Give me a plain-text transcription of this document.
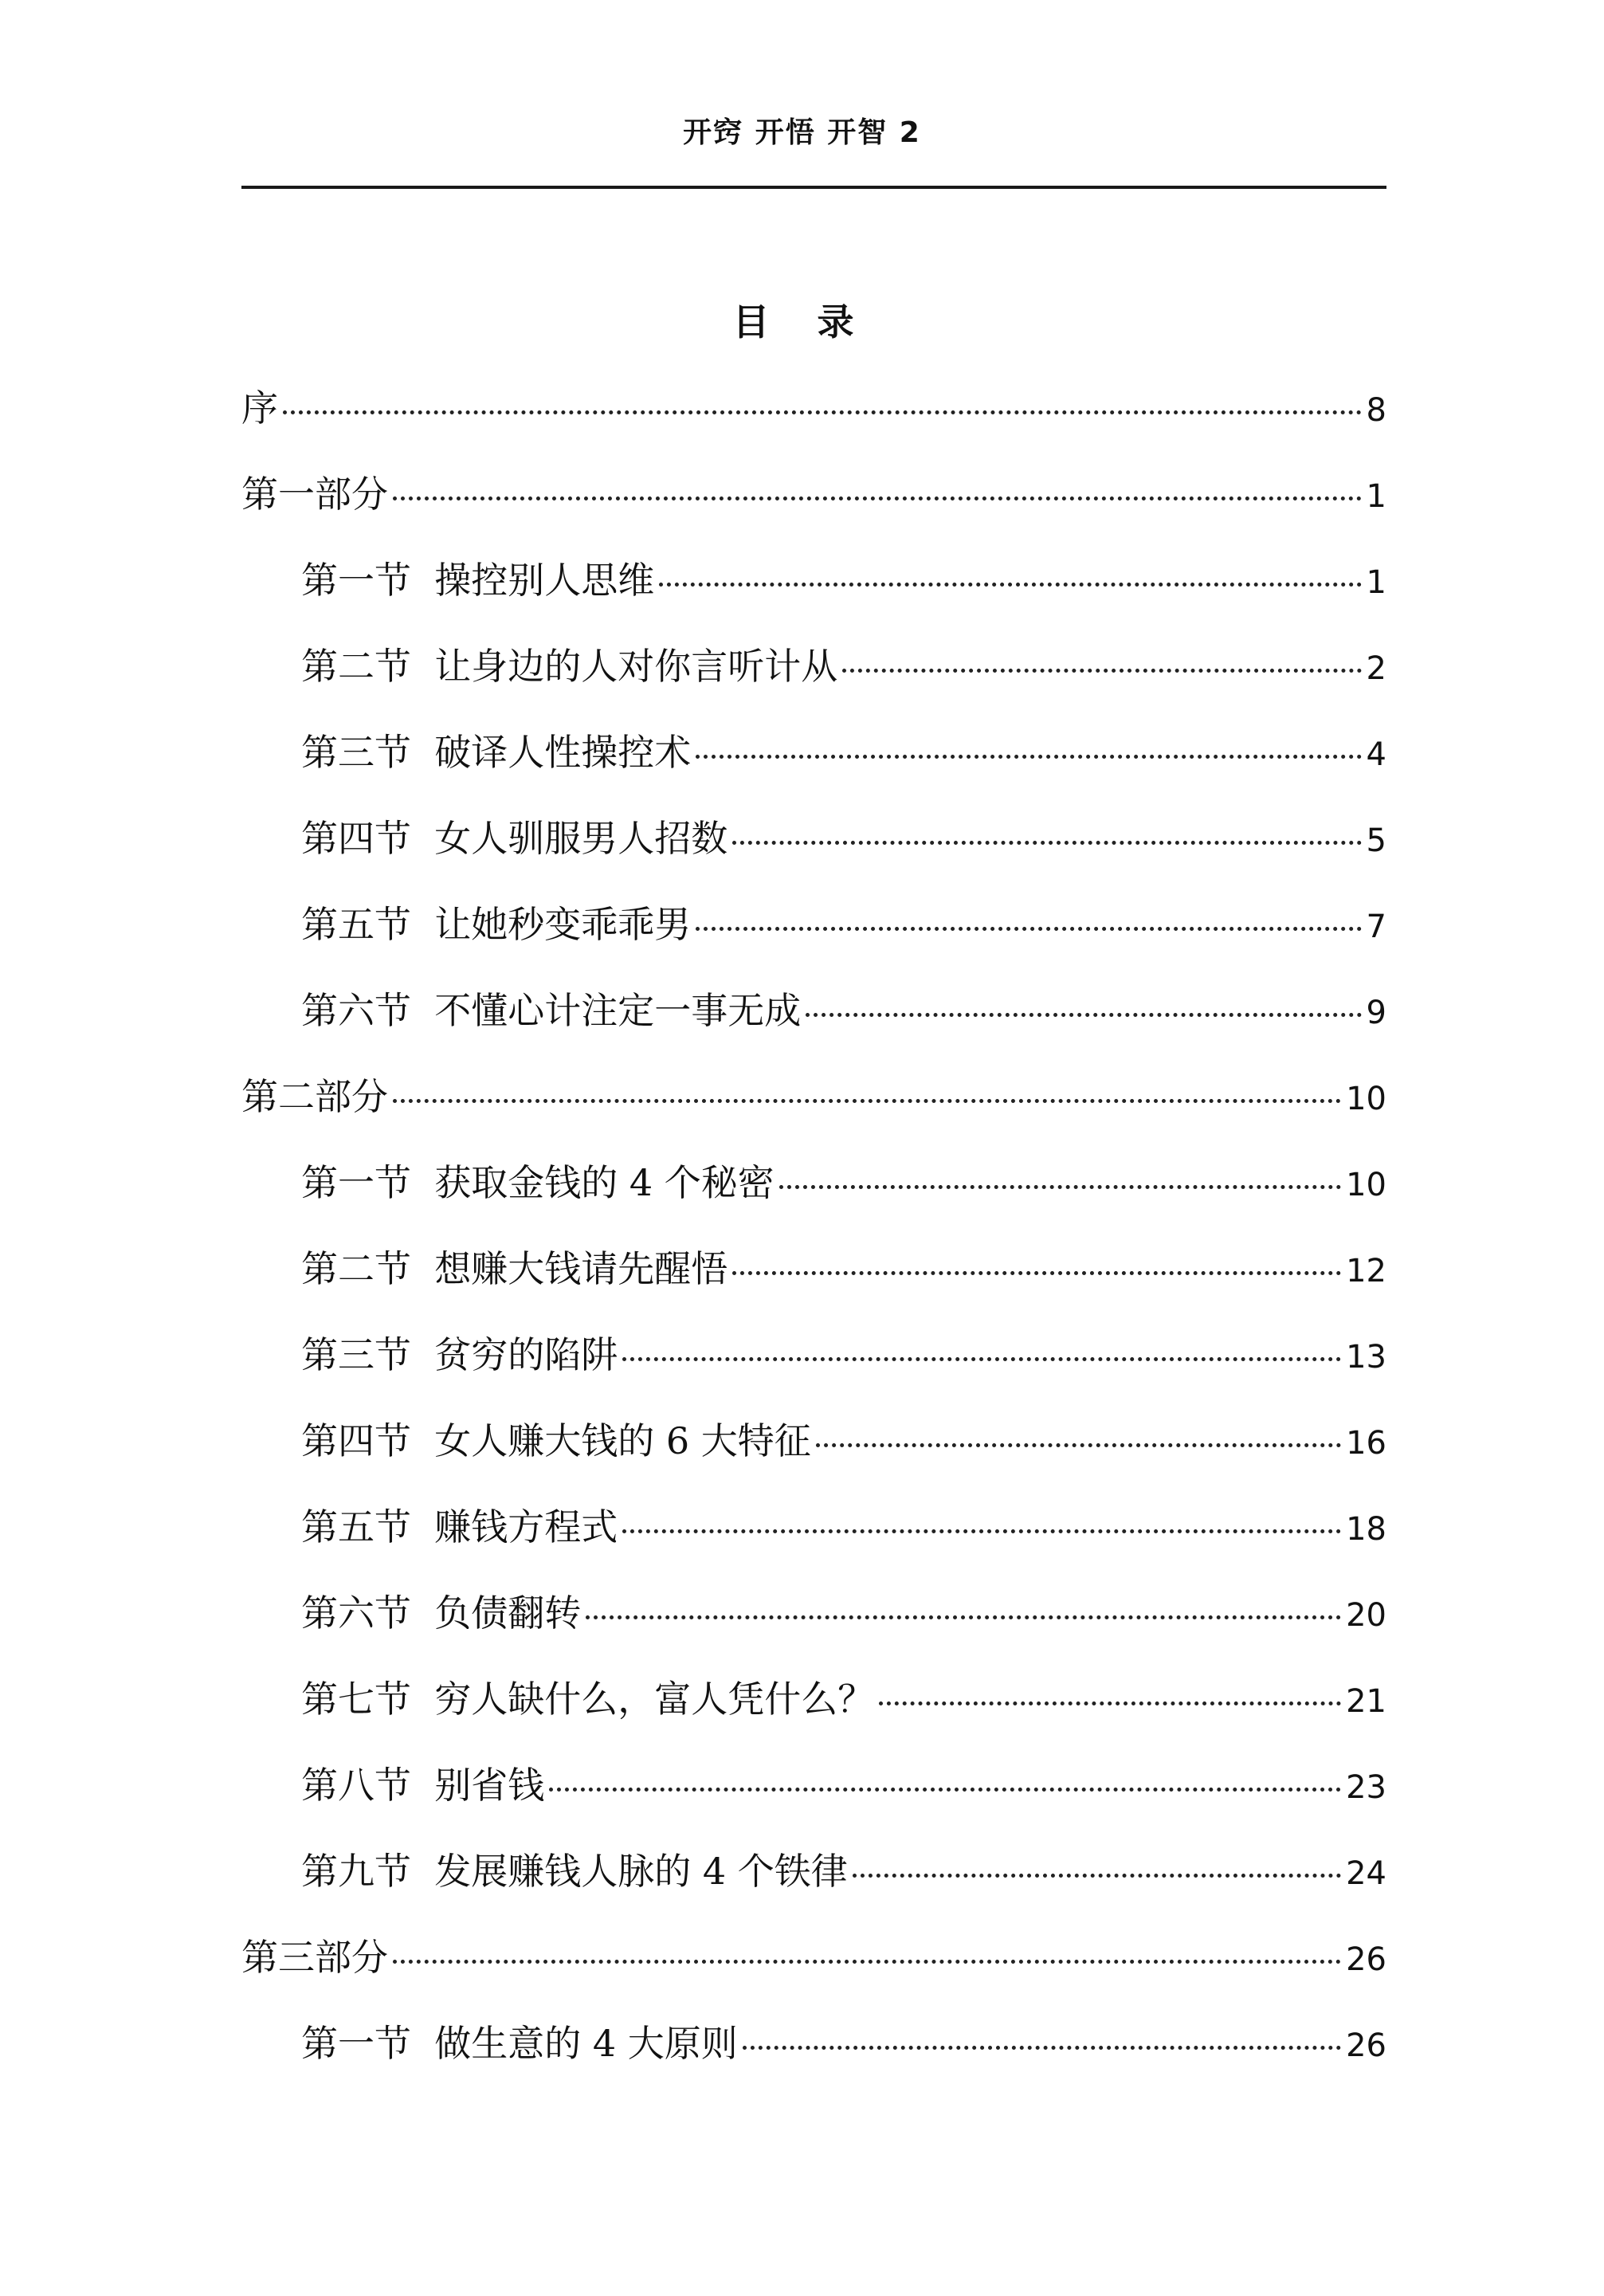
开窍 开悟 开智 2
目 录
序	8
第一部分	1
第一节  操控别人思维	1
第二节  让身边的人对你言听计从	2
第三节  破译人性操控术	4
第四节  女人驯服男人招数	5
第五节  让她秒变乖乖男	7
第六节  不懂心计注定一事无成	9
第二部分	10
第一节  获取金钱的 4 个秘密	10
第二节  想赚大钱请先醒悟	12
第三节  贫穷的陷阱	13
第四节  女人赚大钱的 6 大特征	16
第五节  赚钱方程式	18
第六节  负债翻转	20
第七节  穷人缺什么，富人凭什么？	21
第八节  别省钱	23
第九节  发展赚钱人脉的 4 个铁律	24
第三部分	26
第一节  做生意的 4 大原则	26
